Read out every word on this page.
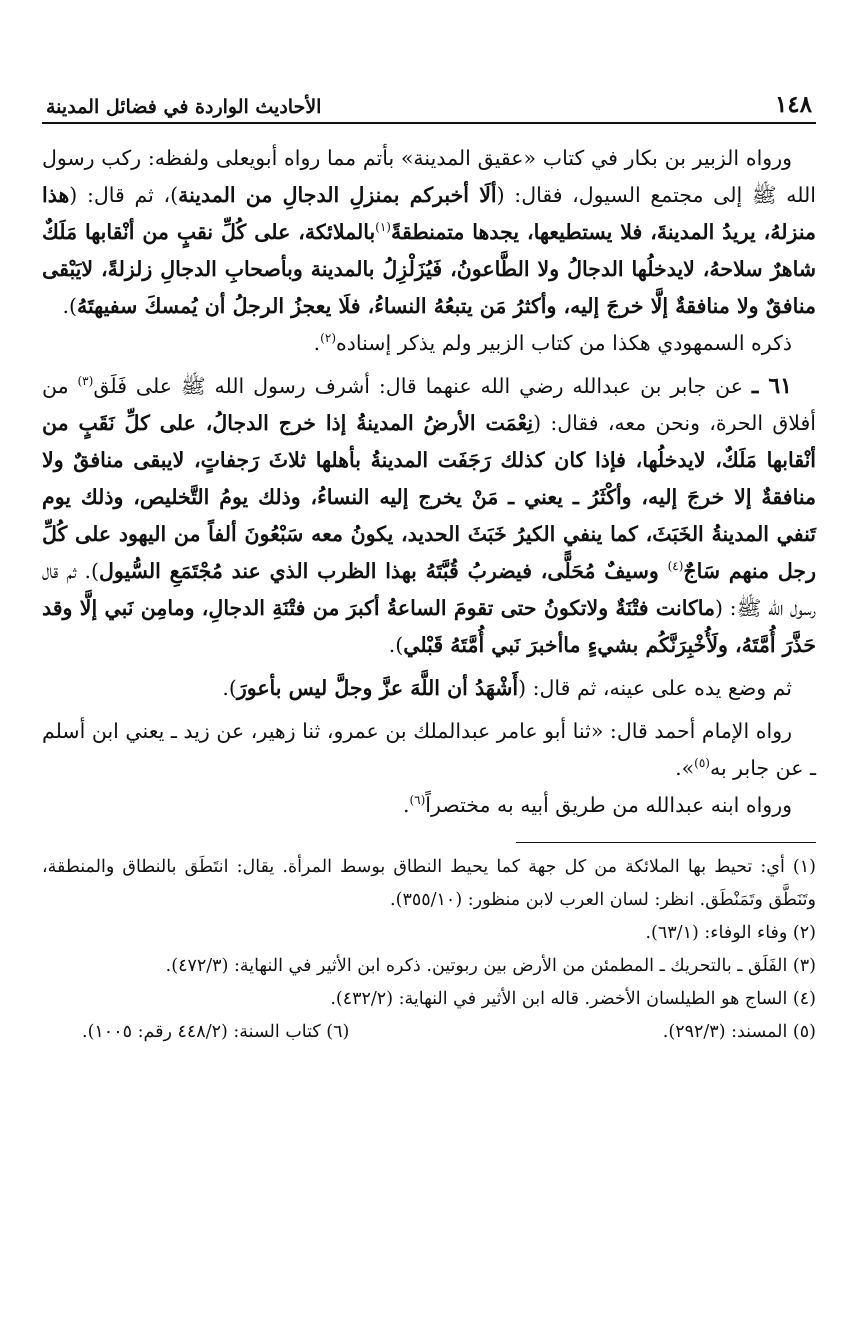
١٤٨
الأحاديث الواردة في فضائل المدينة

ورواه الزبير بن بكار في كتاب «عقيق المدينة» بأتم مما رواه أبويعلى ولفظه: ركب رسول الله ﷺ إلى مجتمع السيول، فقال: (ألَا أخبركم بمنزلِ الدجالِ من المدينة)، ثم قال: (هذا منزلهُ، يريدُ المدينةَ، فلا يستطيعها، يجدها متمنطقةً$^{(١)}$بالملائكة، على كُلِّ نقبٍ من أنْقابها مَلَكٌ شاهرٌ سلاحهُ، لايدخلُها الدجالُ ولا الطَّاعونُ، فَيُزَلْزِلُ بالمدينة وبأصحابِ الدجالِ زلزلةً، لايَبْقى منافقٌ ولا منافقةٌ إلَّا خرجَ إليه، وأكثرُ مَن يتبعُهُ النساءُ، فلَا يعجزُ الرجلُ أن يُمسكَ سفيهتَهُ).

ذكره السمهودي هكذا من كتاب الزبير ولم يذكر إسناده$^{(٢)}$.

٦١ ـ عن جابر بن عبدالله رضي الله عنهما قال: أشرف رسول الله ﷺ على فَلَق$^{(٣)}$ من أفلاق الحرة، ونحن معه، فقال: (نِعْمَت الأرضُ المدينةُ إذا خرج الدجالُ، على كلِّ نَقَبٍ من أنْقابها مَلَكٌ، لايدخلُها، فإذا كان كذلك رَجَفَت المدينةُ بأهلها ثلاثَ رَجفاتٍ، لايبقى منافقٌ ولا منافقةٌ إلا خرجَ إليه، وأكْثَرُ ـ يعني ـ مَنْ يخرج إليه النساءُ، وذلك يومُ التَّخليص، وذلك يوم تَنفي المدينةُ الخَبَثَ، كما ينفي الكيرُ خَبَثَ الحديد، يكونُ معه سَبْعُونَ ألفاً من اليهود على كُلِّ رجل منهم سَاجٌ$^{(٤)}$ وسيفٌ مُحَلًّى، فيضربُ قُبَّتَهُ بهذا الظرب الذي عند مُجْتَمَعِ السُّيول). ثم قال رسول الله ﷺ: (ماكانت فتْنَةٌ ولاتكونُ حتى تقومَ الساعةُ أكبرَ من فتْنَةِ الدجالِ، ومامِن نَبي إلَّا وقد حَذَّرَ أُمَّتَهُ، ولَأُخْبِرَنَّكُم بشيءٍ ماأخبرَ نَبي أُمَّتَهُ قَبْلي).

ثم وضع يده على عينه، ثم قال: (أَشْهَدُ أن اللَّهَ عزَّ وجلَّ ليس بأعورَ).

رواه الإمام أحمد قال: «ثنا أبو عامر عبدالملك بن عمرو، ثنا زهير، عن زيد ـ يعني ابن أسلم ـ عن جابر به$^{(٥)}$».

ورواه ابنه عبدالله من طريق أبيه به مختصراً$^{(٦)}$.

(١) أي: تحيط بها الملائكة من كل جهة كما يحيط النطاق بوسط المرأة. يقال: انتَطَق بالنطاق والمنطقة، وتَنَطَّق وتَمَنْطَق. انظر: لسان العرب لابن منظور: (٣٥٥/١٠).

(٢) وفاء الوفاء: (٦٣/١).

(٣) الفَلَق ـ بالتحريك ـ المطمئن من الأرض بين ربوتين. ذكره ابن الأثير في النهاية: (٤٧٢/٣).

(٤) الساج هو الطيلسان الأخضر. قاله ابن الأثير في النهاية: (٤٣٢/٢).

(٥) المسند: (٢٩٢/٣).
(٦) كتاب السنة: (٤٤٨/٢ رقم: ١٠٠٥).
